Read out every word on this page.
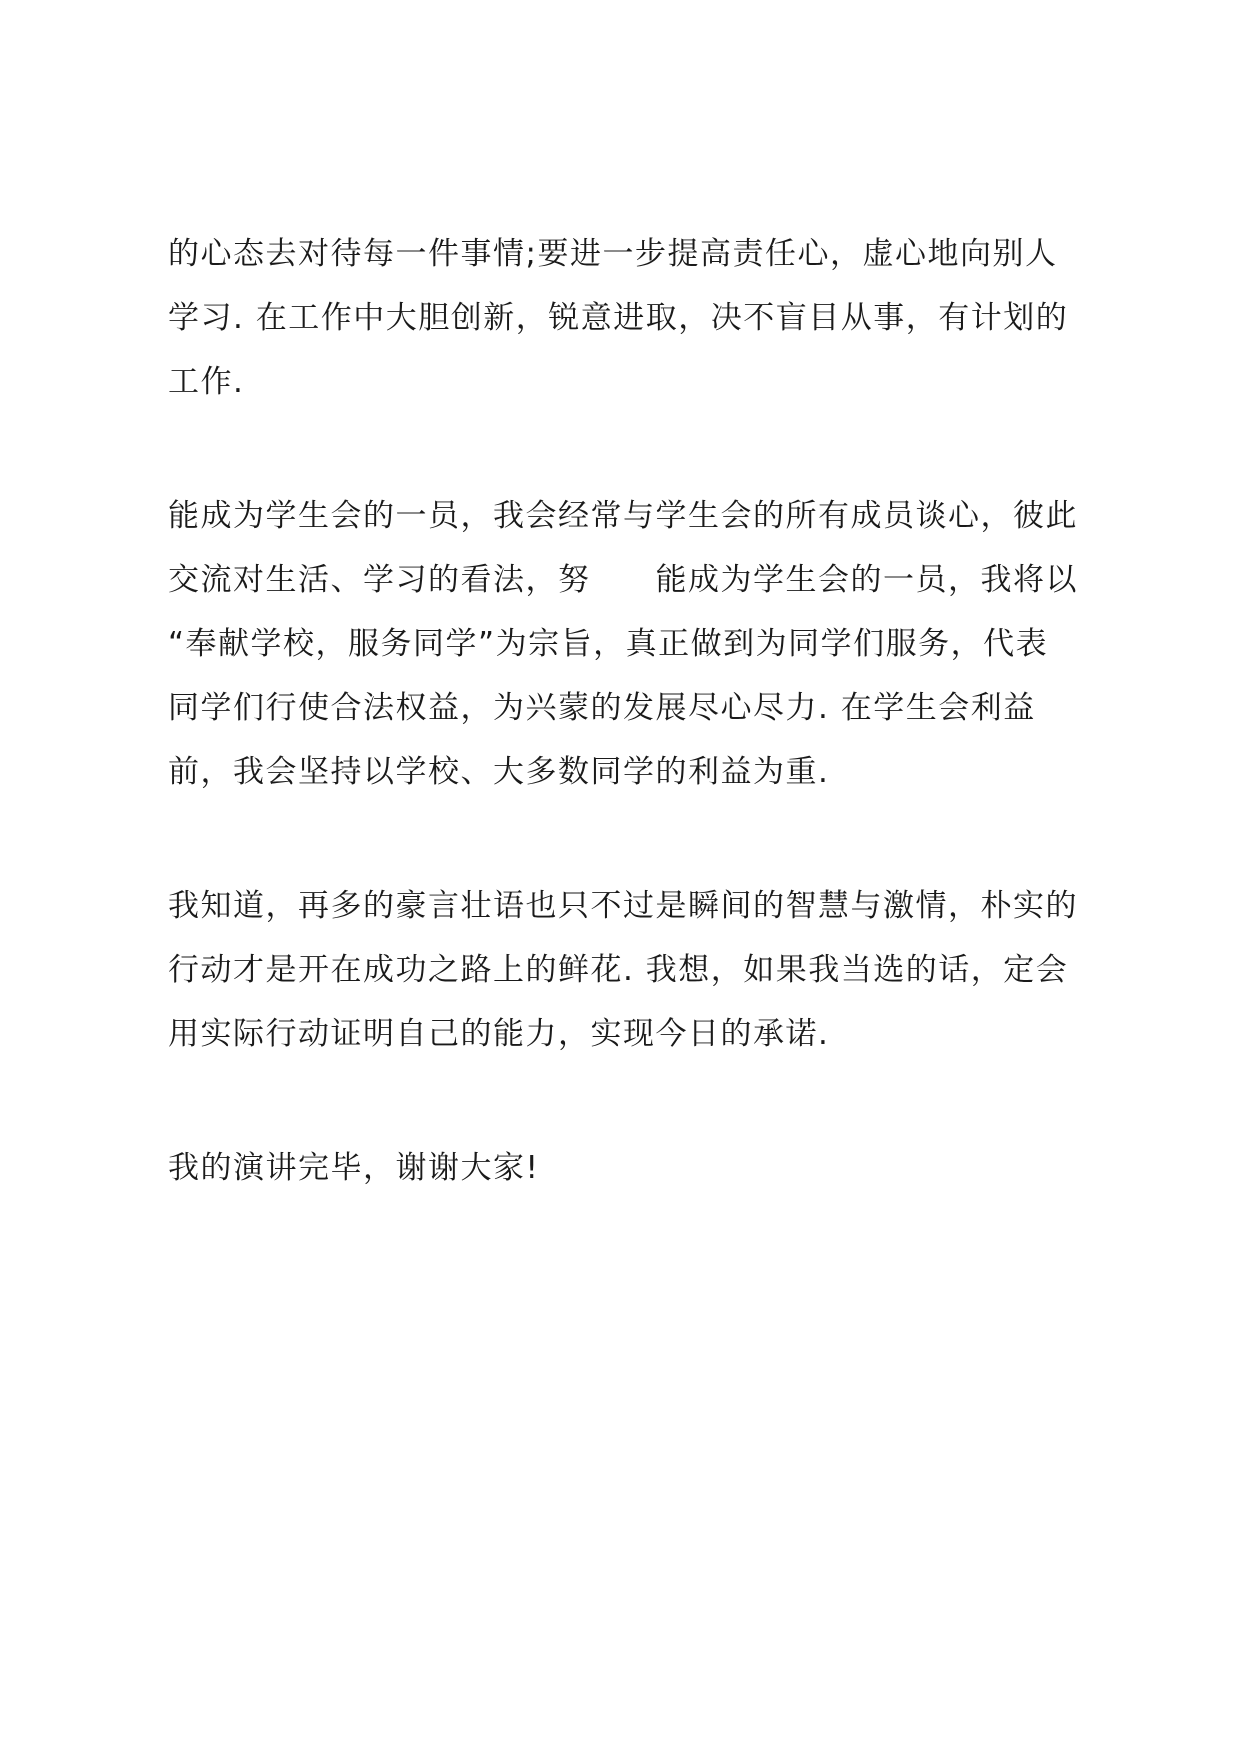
的心态去对待每一件事情;要进一步提高责任心，虚心地向别人
学习. 在工作中大胆创新，锐意进取，决不盲目从事，有计划的
工作.
能成为学生会的一员，我会经常与学生会的所有成员谈心，彼此
交流对生活、学习的看法，努　　能成为学生会的一员，我将以
“奉献学校，服务同学”为宗旨，真正做到为同学们服务，代表
同学们行使合法权益，为兴蒙的发展尽心尽力. 在学生会利益
前，我会坚持以学校、大多数同学的利益为重.
我知道，再多的豪言壮语也只不过是瞬间的智慧与激情，朴实的
行动才是开在成功之路上的鲜花. 我想，如果我当选的话，定会
用实际行动证明自己的能力，实现今日的承诺.
我的演讲完毕，谢谢大家!
